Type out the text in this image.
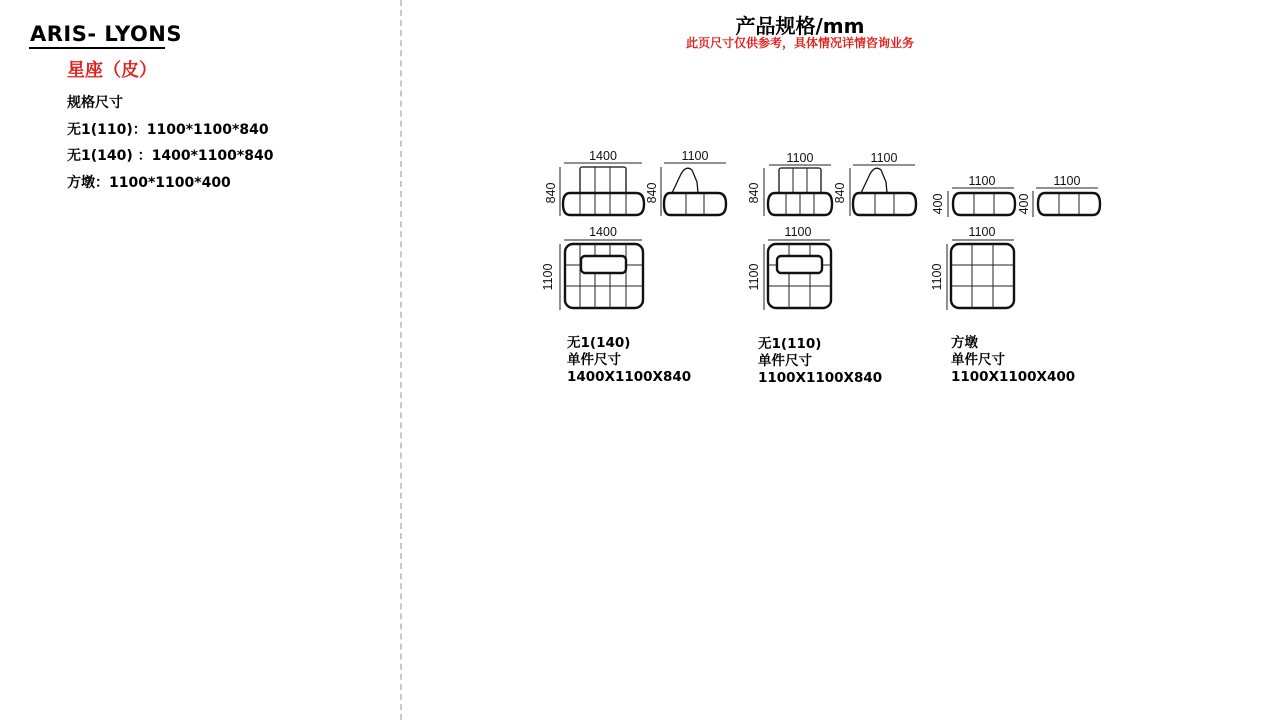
ARIS- LYONS
星座（皮）
规格尺寸
无1(110)：1100*1100*840
无1(140) ：1400*1100*840
方墩：1100*1100*400
产品规格/mm
此页尺寸仅供参考，具体情况详情咨询业务
1400
840
1100
840
1400
1100
1100
840
1100
840
1100
1100
1100
400
1100
400
1100
1100
无1(140)
单件尺寸
1400X1100X840
无1(110)
单件尺寸
1100X1100X840
方墩
单件尺寸
1100X1100X400
